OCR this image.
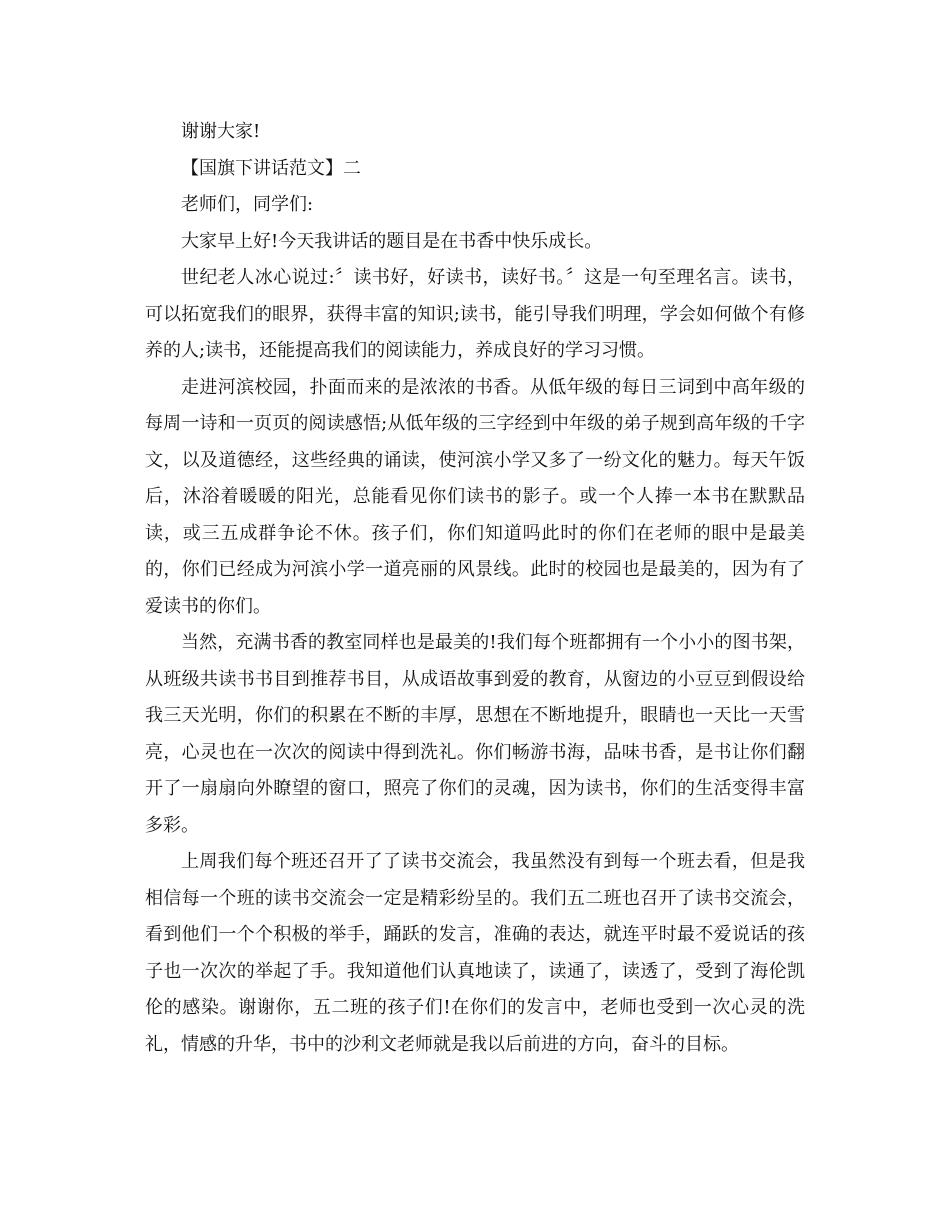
谢谢大家!

【国旗下讲话范文】二

老师们，同学们:

大家早上好!今天我讲话的题目是在书香中快乐成长。

世纪老人冰心说过:〞读书好，好读书，读好书。〞这是一句至理名言。读书，可以拓宽我们的眼界，获得丰富的知识;读书，能引导我们明理，学会如何做个有修养的人;读书，还能提高我们的阅读能力，养成良好的学习习惯。

走进河滨校园，扑面而来的是浓浓的书香。从低年级的每日三词到中高年级的每周一诗和一页页的阅读感悟;从低年级的三字经到中年级的弟子规到高年级的千字文，以及道德经，这些经典的诵读，使河滨小学又多了一纷文化的魅力。每天午饭后，沐浴着暖暖的阳光，总能看见你们读书的影子。或一个人捧一本书在默默品读，或三五成群争论不休。孩子们，你们知道吗此时的你们在老师的眼中是最美的，你们已经成为河滨小学一道亮丽的风景线。此时的校园也是最美的，因为有了爱读书的你们。

当然，充满书香的教室同样也是最美的!我们每个班都拥有一个小小的图书架，从班级共读书书目到推荐书目，从成语故事到爱的教育，从窗边的小豆豆到假设给我三天光明，你们的积累在不断的丰厚，思想在不断地提升，眼睛也一天比一天雪亮，心灵也在一次次的阅读中得到洗礼。你们畅游书海，品味书香，是书让你们翻开了一扇扇向外瞭望的窗口，照亮了你们的灵魂，因为读书，你们的生活变得丰富多彩。

上周我们每个班还召开了了读书交流会，我虽然没有到每一个班去看，但是我相信每一个班的读书交流会一定是精彩纷呈的。我们五二班也召开了读书交流会，看到他们一个个积极的举手，踊跃的发言，准确的表达，就连平时最不爱说话的孩子也一次次的举起了手。我知道他们认真地读了，读通了，读透了，受到了海伦凯伦的感染。谢谢你，五二班的孩子们!在你们的发言中，老师也受到一次心灵的洗礼，情感的升华，书中的沙利文老师就是我以后前进的方向，奋斗的目标。
